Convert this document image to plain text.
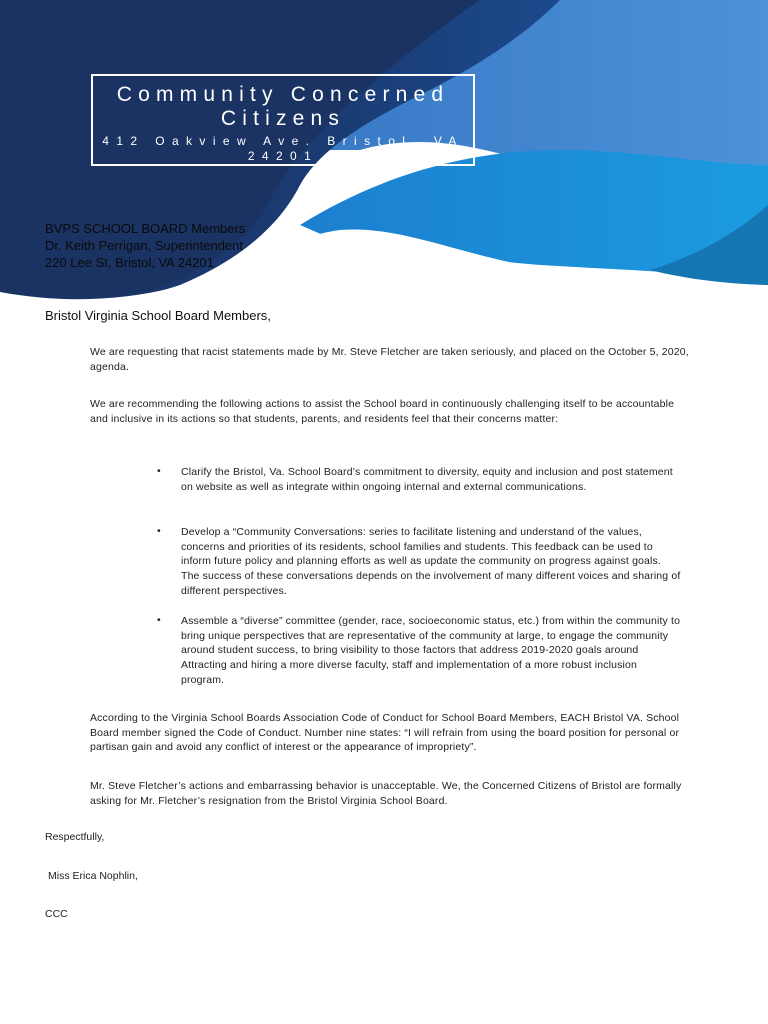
Community Concerned
Citizens
412 Oakview Ave. Bristol, VA
24201
BVPS SCHOOL BOARD Members
Dr. Keith Perrigan, Superintendent
220 Lee St, Bristol, VA 24201
Bristol Virginia School Board Members,
We are requesting that racist statements made by Mr. Steve Fletcher are taken seriously, and placed on the October 5, 2020, agenda.
We are recommending the following actions to assist the School board in continuously challenging itself to be accountable and inclusive in its actions so that students, parents, and residents feel that their concerns matter:
• Clarify the Bristol, Va. School Board’s commitment to diversity, equity and inclusion and post statement on website as well as integrate within ongoing internal and external communications.
• Develop a “Community Conversations: series to facilitate listening and understand of the values, concerns and priorities of its residents, school families and students. This feedback can be used to inform future policy and planning efforts as well as update the community on progress against goals. The success of these conversations depends on the involvement of many different voices and sharing of different perspectives.
• Assemble a “diverse” committee (gender, race, socioeconomic status, etc.) from within the community to bring unique perspectives that are representative of the community at large, to engage the community around student success, to bring visibility to those factors that address 2019-2020 goals around Attracting and hiring a more diverse faculty, staff and implementation of a more robust inclusion program.
According to the Virginia School Boards Association Code of Conduct for School Board Members, EACH Bristol VA. School Board member signed the Code of Conduct. Number nine states: “I will refrain from using the board position for personal or partisan gain and avoid any conflict of interest or the appearance of impropriety”.
Mr. Steve Fletcher’s actions and embarrassing behavior is unacceptable. We, the Concerned Citizens of Bristol are formally asking for Mr. Fletcher’s resignation from the Bristol Virginia School Board.
Respectfully,
Miss Erica Nophlin,
CCC
